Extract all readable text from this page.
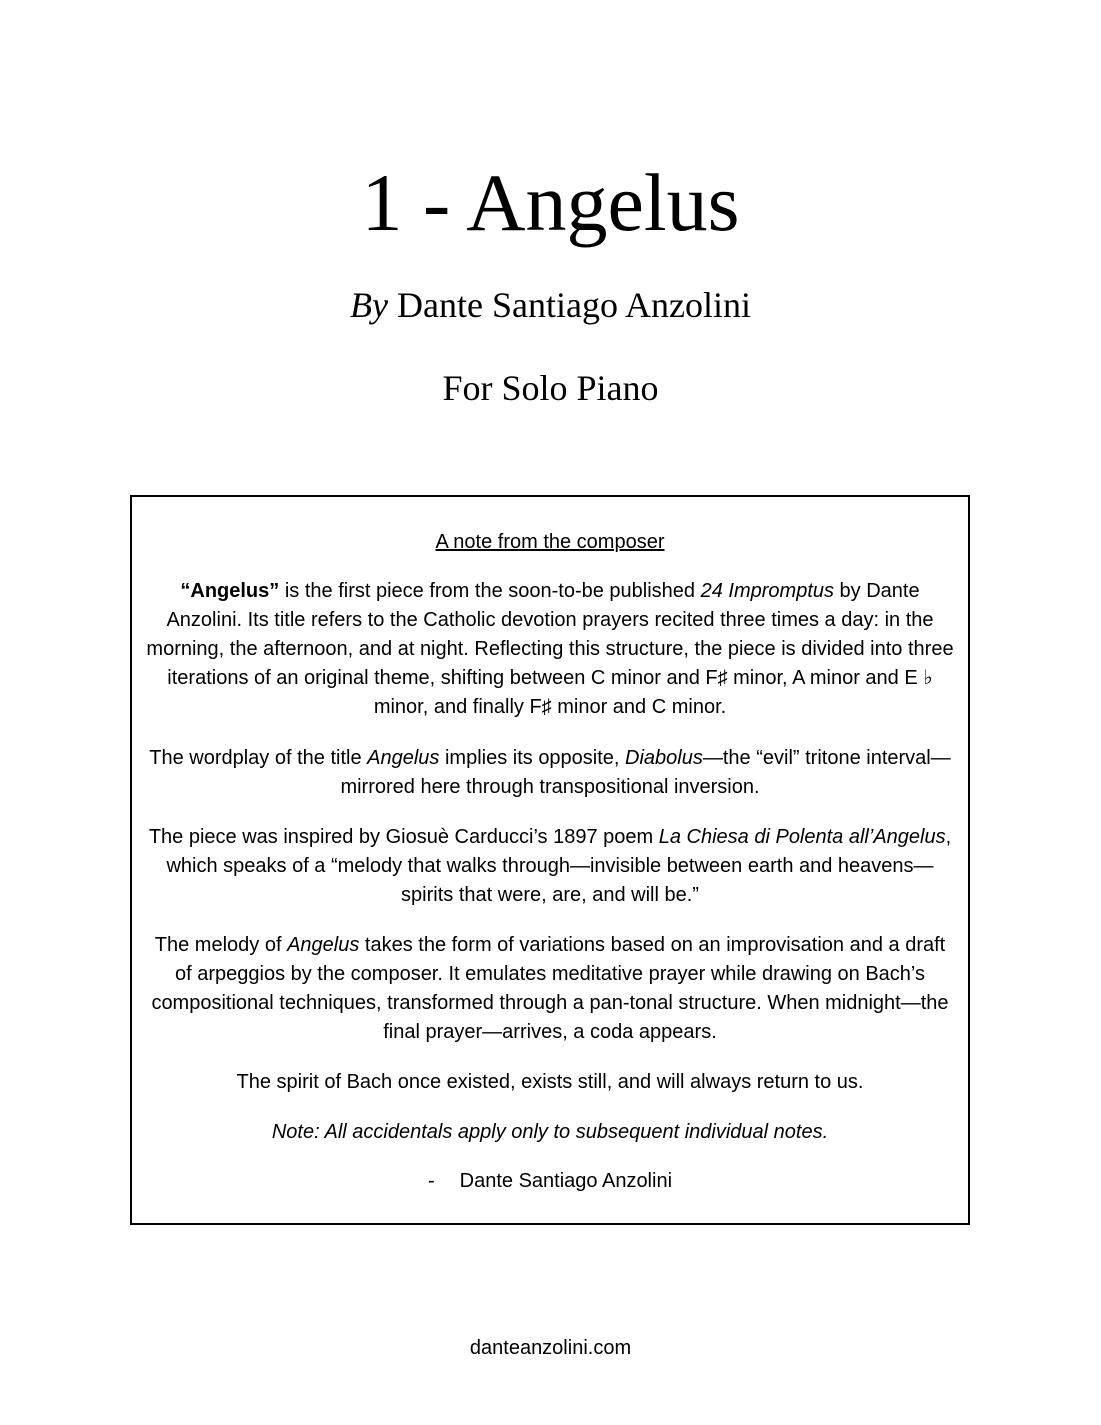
1 - Angelus
By Dante Santiago Anzolini
For Solo Piano

A note from the composer

“Angelus” is the first piece from the soon-to-be published 24 Impromptus by Dante Anzolini. Its title refers to the Catholic devotion prayers recited three times a day: in the morning, the afternoon, and at night. Reflecting this structure, the piece is divided into three iterations of an original theme, shifting between C minor and F♯ minor, A minor and E ♭ minor, and finally F♯ minor and C minor.

The wordplay of the title Angelus implies its opposite, Diabolus—the “evil” tritone interval—mirrored here through transpositional inversion.

The piece was inspired by Giosuè Carducci’s 1897 poem La Chiesa di Polenta all’Angelus, which speaks of a “melody that walks through—invisible between earth and heavens—spirits that were, are, and will be.”

The melody of Angelus takes the form of variations based on an improvisation and a draft of arpeggios by the composer. It emulates meditative prayer while drawing on Bach’s compositional techniques, transformed through a pan-tonal structure. When midnight—the final prayer—arrives, a coda appears.

The spirit of Bach once existed, exists still, and will always return to us.

Note: All accidentals apply only to subsequent individual notes.

- Dante Santiago Anzolini

danteanzolini.com
